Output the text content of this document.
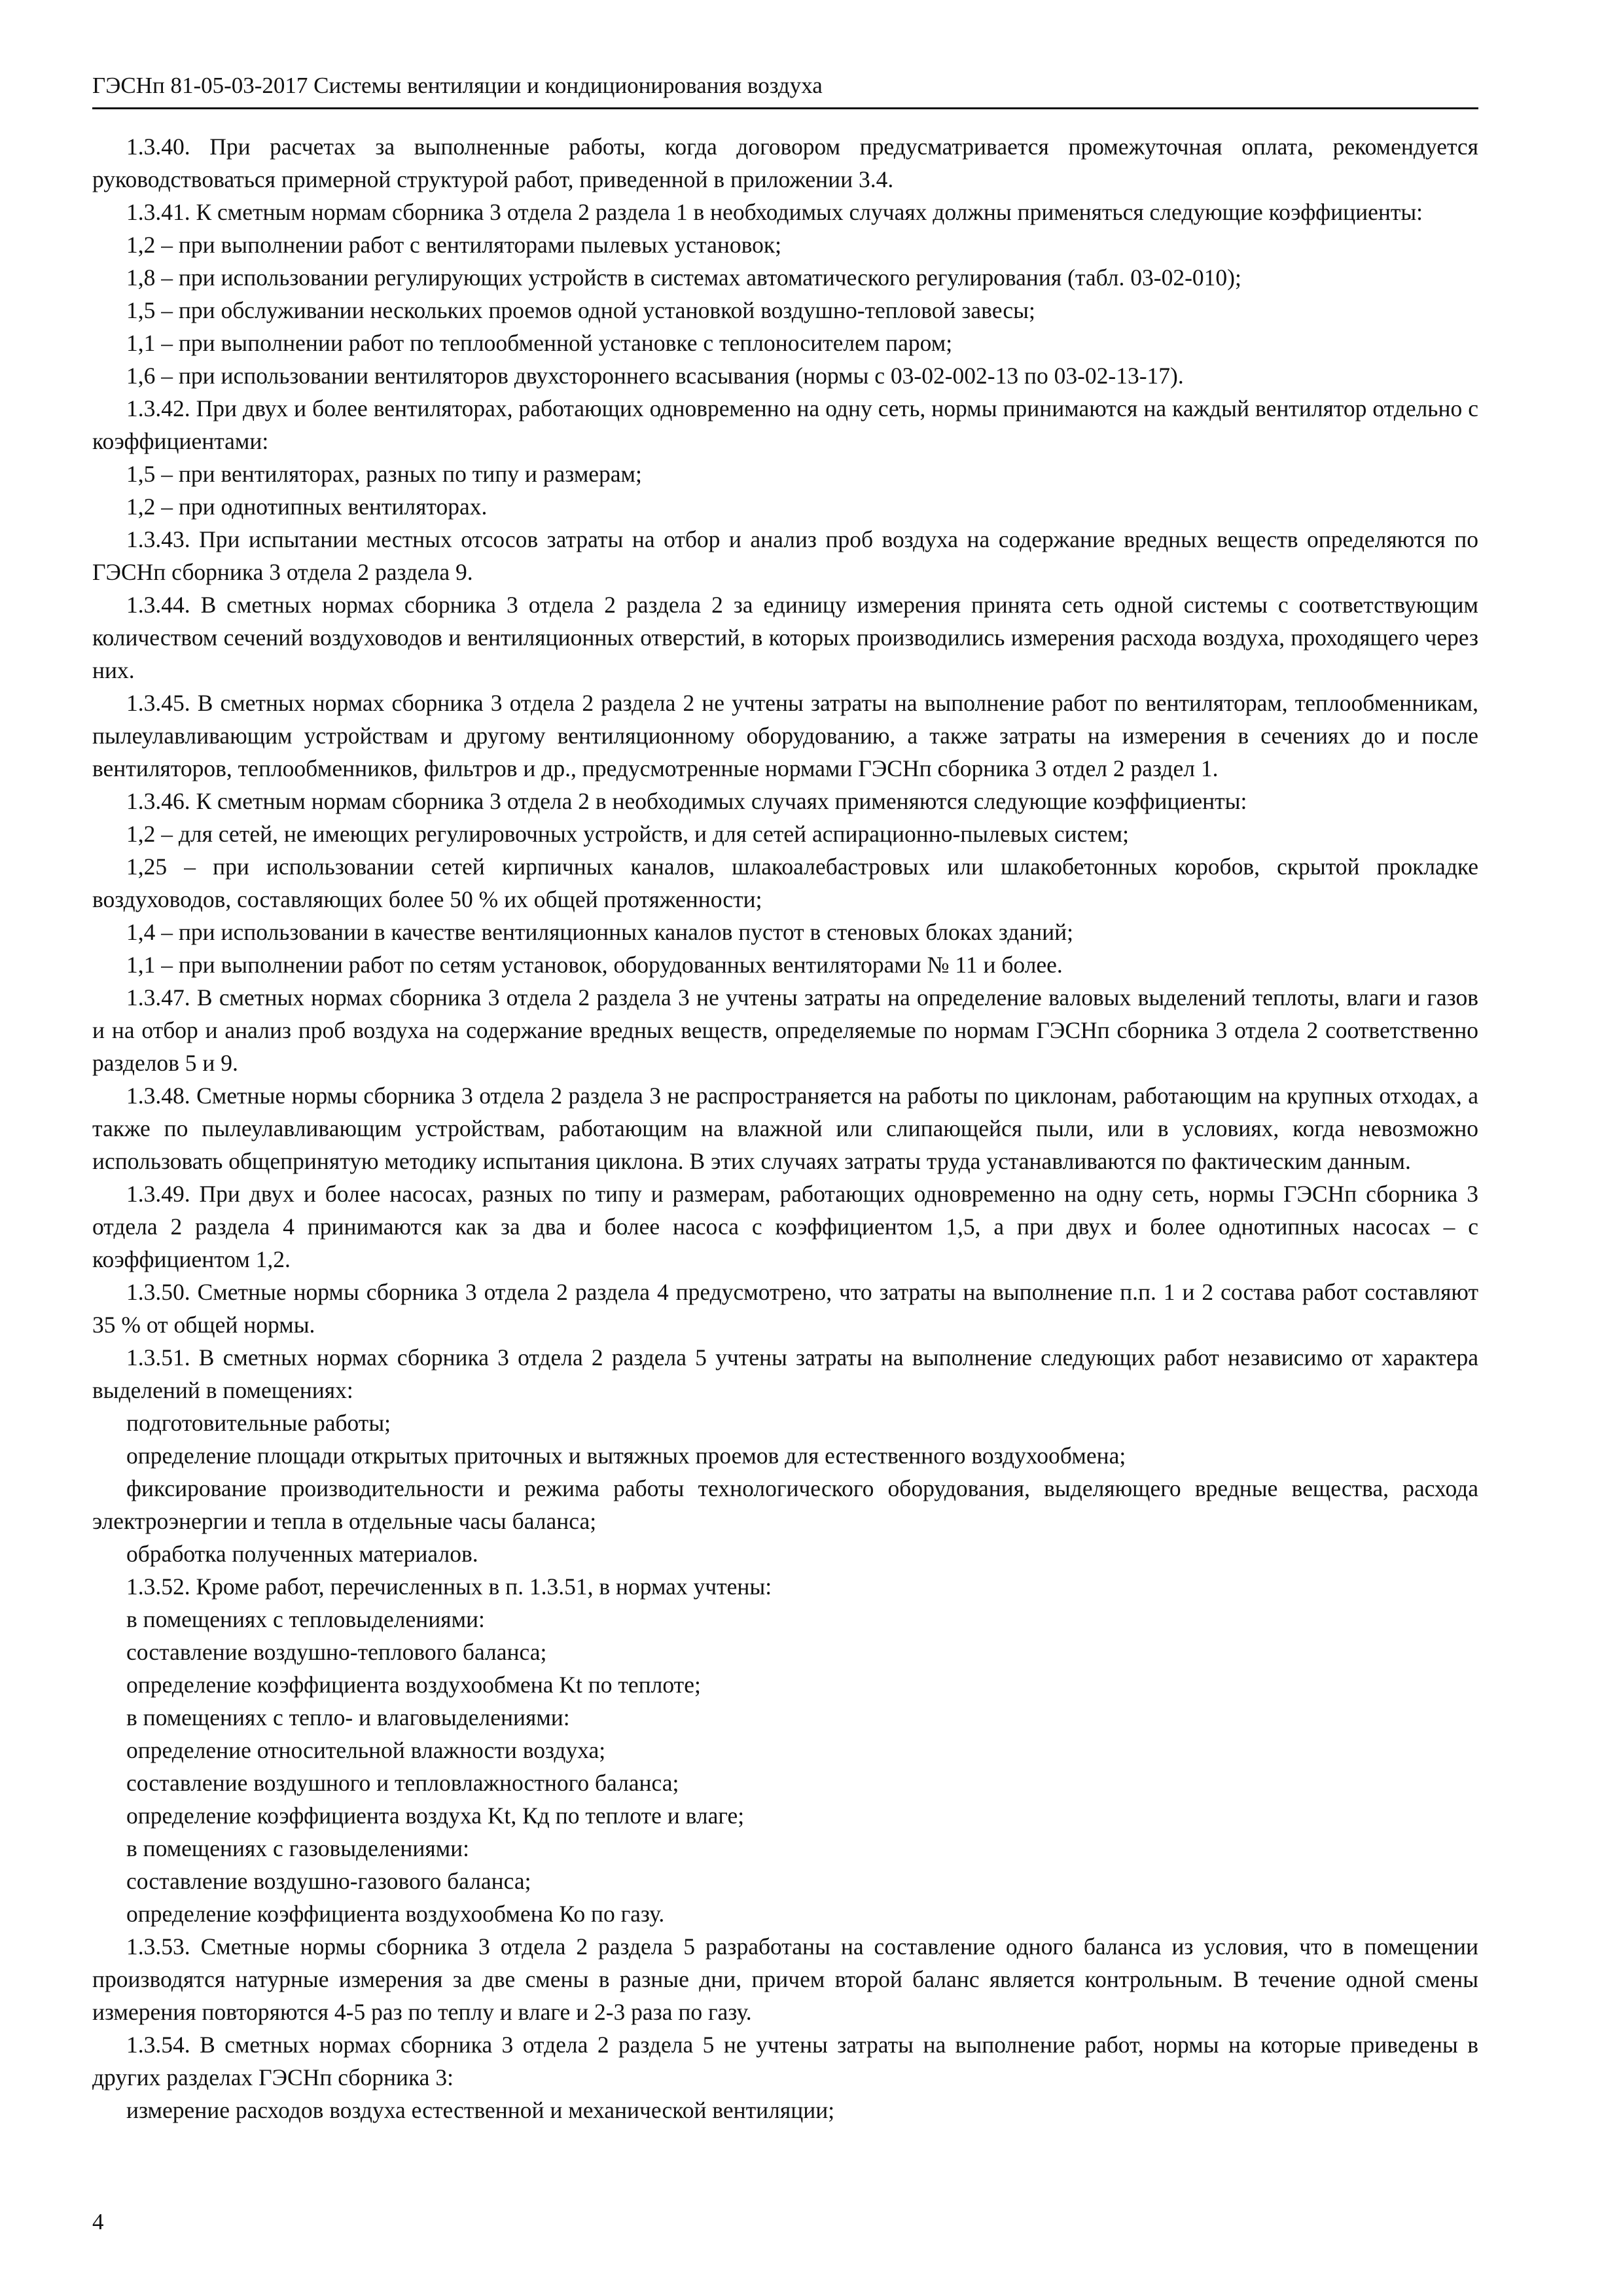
ГЭСНп 81-05-03-2017 Системы вентиляции и кондиционирования воздуха

1.3.40. При расчетах за выполненные работы, когда договором предусматривается промежуточная оплата, рекомендуется руководствоваться примерной структурой работ, приведенной в приложении 3.4.

1.3.41. К сметным нормам сборника 3 отдела 2 раздела 1 в необходимых случаях должны применяться следующие коэффициенты:

1,2 – при выполнении работ с вентиляторами пылевых установок;

1,8 – при использовании регулирующих устройств в системах автоматического регулирования (табл. 03-02-010);

1,5 – при обслуживании нескольких проемов одной установкой воздушно-тепловой завесы;

1,1 – при выполнении работ по теплообменной установке с теплоносителем паром;

1,6 – при использовании вентиляторов двухстороннего всасывания (нормы с 03-02-002-13 по 03-02-13-17).

1.3.42. При двух и более вентиляторах, работающих одновременно на одну сеть, нормы принимаются на каждый вентилятор отдельно с коэффициентами:

1,5 – при вентиляторах, разных по типу и размерам;

1,2 – при однотипных вентиляторах.

1.3.43. При испытании местных отсосов затраты на отбор и анализ проб воздуха на содержание вредных веществ определяются по ГЭСНп сборника 3 отдела 2 раздела 9.

1.3.44. В сметных нормах сборника 3 отдела 2 раздела 2 за единицу измерения принята сеть одной системы с соответствующим количеством сечений воздуховодов и вентиляционных отверстий, в которых производились измерения расхода воздуха, проходящего через них.

1.3.45. В сметных нормах сборника 3 отдела 2 раздела 2 не учтены затраты на выполнение работ по вентиляторам, теплообменникам, пылеулавливающим устройствам и другому вентиляционному оборудованию, а также затраты на измерения в сечениях до и после вентиляторов, теплообменников, фильтров и др., предусмотренные нормами ГЭСНп сборника 3 отдел 2 раздел 1.

1.3.46. К сметным нормам сборника 3 отдела 2 в необходимых случаях применяются следующие коэффициенты:

1,2 – для сетей, не имеющих регулировочных устройств, и для сетей аспирационно-пылевых систем;

1,25 – при использовании сетей кирпичных каналов, шлакоалебастровых или шлакобетонных коробов, скрытой прокладке воздуховодов, составляющих более 50 % их общей протяженности;

1,4 – при использовании в качестве вентиляционных каналов пустот в стеновых блоках зданий;

1,1 – при выполнении работ по сетям установок, оборудованных вентиляторами № 11 и более.

1.3.47. В сметных нормах сборника 3 отдела 2 раздела 3 не учтены затраты на определение валовых выделений теплоты, влаги и газов и на отбор и анализ проб воздуха на содержание вредных веществ, определяемые по нормам ГЭСНп сборника 3 отдела 2 соответственно разделов 5 и 9.

1.3.48. Сметные нормы сборника 3 отдела 2 раздела 3 не распространяется на работы по циклонам, работающим на крупных отходах, а также по пылеулавливающим устройствам, работающим на влажной или слипающейся пыли, или в условиях, когда невозможно использовать общепринятую методику испытания циклона. В этих случаях затраты труда устанавливаются по фактическим данным.

1.3.49. При двух и более насосах, разных по типу и размерам, работающих одновременно на одну сеть, нормы ГЭСНп сборника 3 отдела 2 раздела 4 принимаются как за два и более насоса с коэффициентом 1,5, а при двух и более однотипных насосах – с коэффициентом 1,2.

1.3.50. Сметные нормы сборника 3 отдела 2 раздела 4 предусмотрено, что затраты на выполнение п.п. 1 и 2 состава работ составляют 35 % от общей нормы.

1.3.51. В сметных нормах сборника 3 отдела 2 раздела 5 учтены затраты на выполнение следующих работ независимо от характера выделений в помещениях:

подготовительные работы;

определение площади открытых приточных и вытяжных проемов для естественного воздухообмена;

фиксирование производительности и режима работы технологического оборудования, выделяющего вредные вещества, расхода электроэнергии и тепла в отдельные часы баланса;

обработка полученных материалов.

1.3.52. Кроме работ, перечисленных в п. 1.3.51, в нормах учтены:

в помещениях с тепловыделениями:

составление воздушно-теплового баланса;

определение коэффициента воздухообмена Kt по теплоте;

в помещениях с тепло- и влаговыделениями:

определение относительной влажности воздуха;

составление воздушного и тепловлажностного баланса;

определение коэффициента воздуха Kt, Кд по теплоте и влаге;

в помещениях с газовыделениями:

составление воздушно-газового баланса;

определение коэффициента воздухообмена Ко по газу.

1.3.53. Сметные нормы сборника 3 отдела 2 раздела 5 разработаны на составление одного баланса из условия, что в помещении производятся натурные измерения за две смены в разные дни, причем второй баланс является контрольным. В течение одной смены измерения повторяются 4-5 раз по теплу и влаге и 2-3 раза по газу.

1.3.54. В сметных нормах сборника 3 отдела 2 раздела 5 не учтены затраты на выполнение работ, нормы на которые приведены в других разделах ГЭСНп сборника 3:

измерение расходов воздуха естественной и механической вентиляции;

4
